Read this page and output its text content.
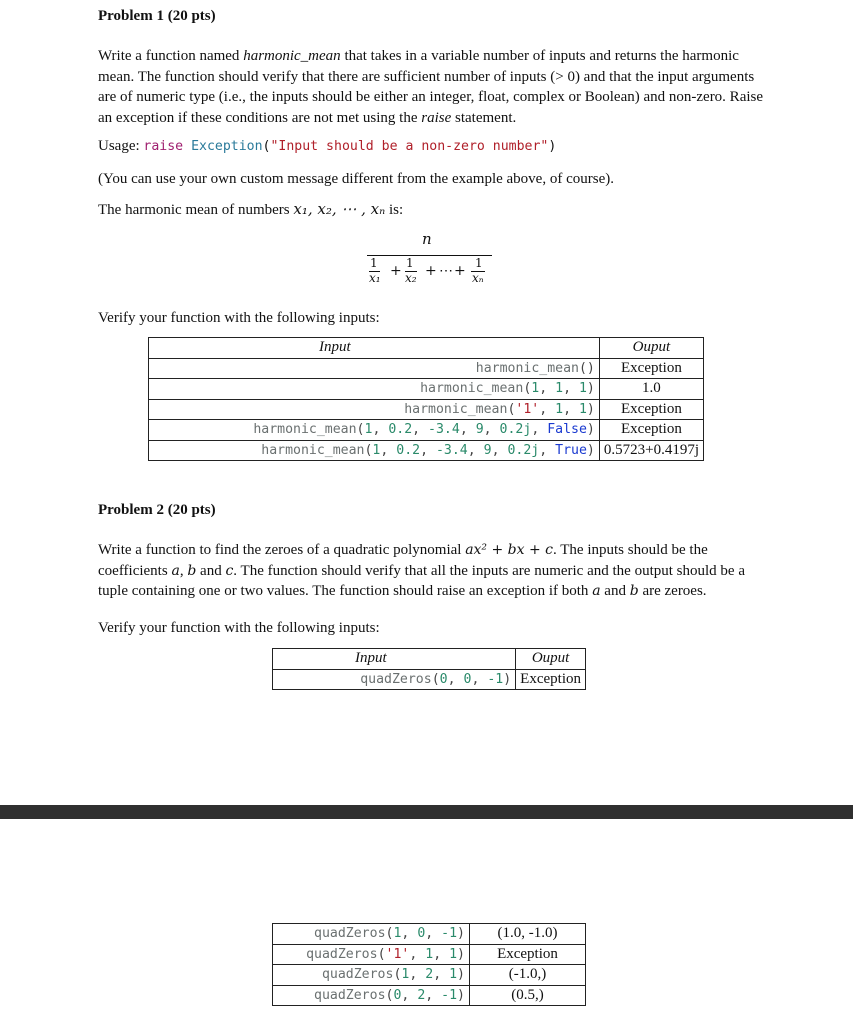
Problem 1 (20 pts)
Write a function named harmonic_mean that takes in a variable number of inputs and returns the harmonic mean. The function should verify that there are sufficient number of inputs (> 0) and that the input arguments are of numeric type (i.e., the inputs should be either an integer, float, complex or Boolean) and non-zero. Raise an exception if these conditions are not met using the raise statement.
Usage: raise Exception("Input should be a non-zero number")
(You can use your own custom message different from the example above, of course).
The harmonic mean of numbers x₁, x₂, ⋯ , xₙ is:
n
1
x₁ + 1
x₂ + ⋯ + 1
xₙ
Verify your function with the following inputs:
Input	Ouput
harmonic_mean()	Exception
harmonic_mean(1, 1, 1)	1.0
harmonic_mean('1', 1, 1)	Exception
harmonic_mean(1, 0.2, -3.4, 9, 0.2j, False)	Exception
harmonic_mean(1, 0.2, -3.4, 9, 0.2j, True)	0.5723+0.4197j
Problem 2 (20 pts)
Write a function to find the zeroes of a quadratic polynomial ax² + bx + c. The inputs should be the coefficients a, b and c. The function should verify that all the inputs are numeric and the output should be a tuple containing one or two values. The function should raise an exception if both a and b are zeroes.
Verify your function with the following inputs:
Input	Ouput
quadZeros(0, 0, -1)	Exception
quadZeros(1, 0, -1)	(1.0, -1.0)
quadZeros('1', 1, 1)	Exception
quadZeros(1, 2, 1)	(-1.0,)
quadZeros(0, 2, -1)	(0.5,)
